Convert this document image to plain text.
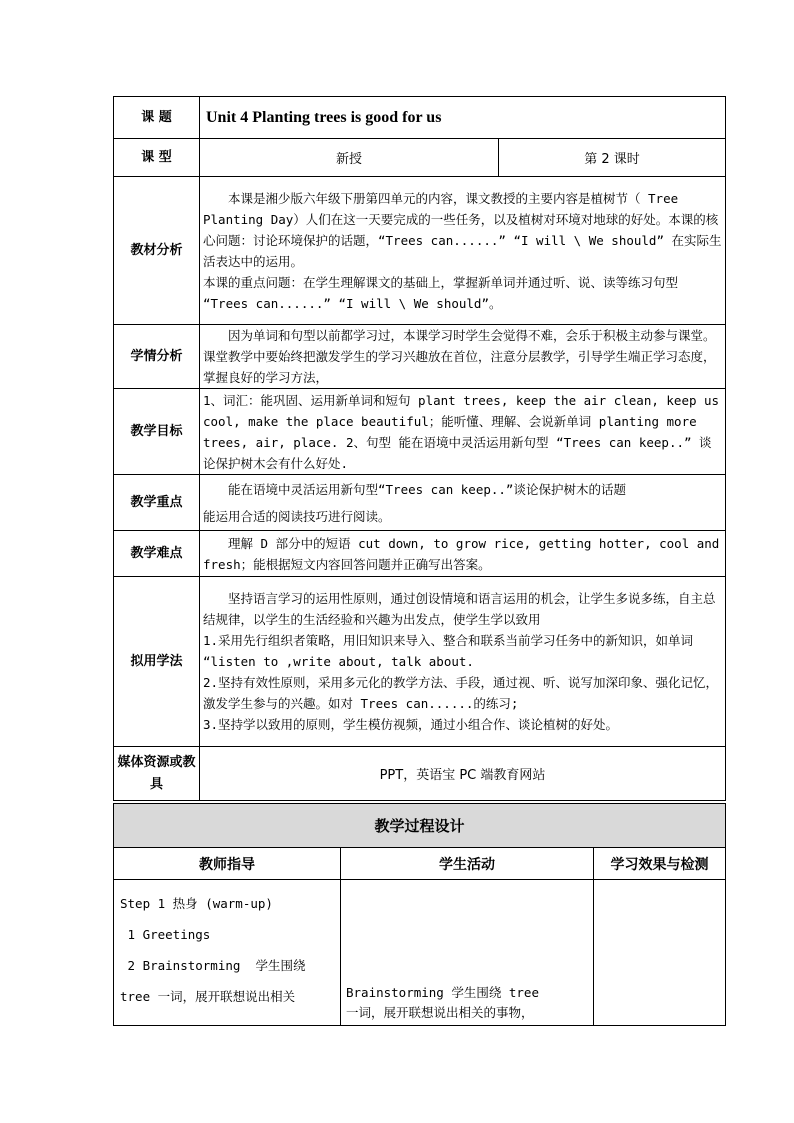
课 题	Unit 4 Planting trees is good for us	
课 型	新授	第 2 课时
教材分析	本课是湘少版六年级下册第四单元的内容，课文教授的主要内容是植树节（ Tree Planting Day）人们在这一天要完成的一些任务，以及植树对环境对地球的好处。本课的核心问题：讨论环境保护的话题，“Trees can......” “I will \ We should” 在实际生活表达中的运用。
本课的重点问题：在学生理解课文的基础上，掌握新单词并通过听、说、读等练习句型 “Trees can......” “I will \ We should”。	

学情分析	因为单词和句型以前都学习过，本课学习时学生会觉得不难，会乐于积极主动参与课堂。课堂教学中要始终把激发学生的学习兴趣放在首位，注意分层教学，引导学生端正学习态度，掌握良好的学习方法，	

教学目标	1、词汇：能巩固、运用新单词和短句 plant trees, keep the air clean, keep us cool, make the place beautiful；能听懂、理解、会说新单词 planting more trees, air, place. 2、句型 能在语境中灵活运用新句型 “Trees can keep..” 谈论保护树木会有什么好处.	

教学重点	能在语境中灵活运用新句型“Trees can keep..”谈论保护树木的话题
能运用合适的阅读技巧进行阅读。	

教学难点	理解 D 部分中的短语 cut down, to grow rice, getting hotter, cool and fresh；能根据短文内容回答问题并正确写出答案。	

拟用学法	坚持语言学习的运用性原则，通过创设情境和语言运用的机会，让学生多说多练，自主总结规律，以学生的生活经验和兴趣为出发点，使学生学以致用
1.采用先行组织者策略，用旧知识来导入、整合和联系当前学习任务中的新知识，如单词 “listen to ,write about, talk about.
2.坚持有效性原则，采用多元化的教学方法、手段，通过视、听、说写加深印象、强化记忆，激发学生参与的兴趣。如对 Trees can......的练习;
3.坚持学以致用的原则，学生模仿视频，通过小组合作、谈论植树的好处。	

媒体资源或教具	PPT，英语宝 PC 端教育网站	
教学过程设计		
教师指导	学生活动	学习效果与检测

Step 1 热身 (warm-up)
1 Greetings
2 Brainstorming  学生围绕
tree 一词，展开联想说出相关	Brainstorming 学生围绕 tree
一词，展开联想说出相关的事物，	
